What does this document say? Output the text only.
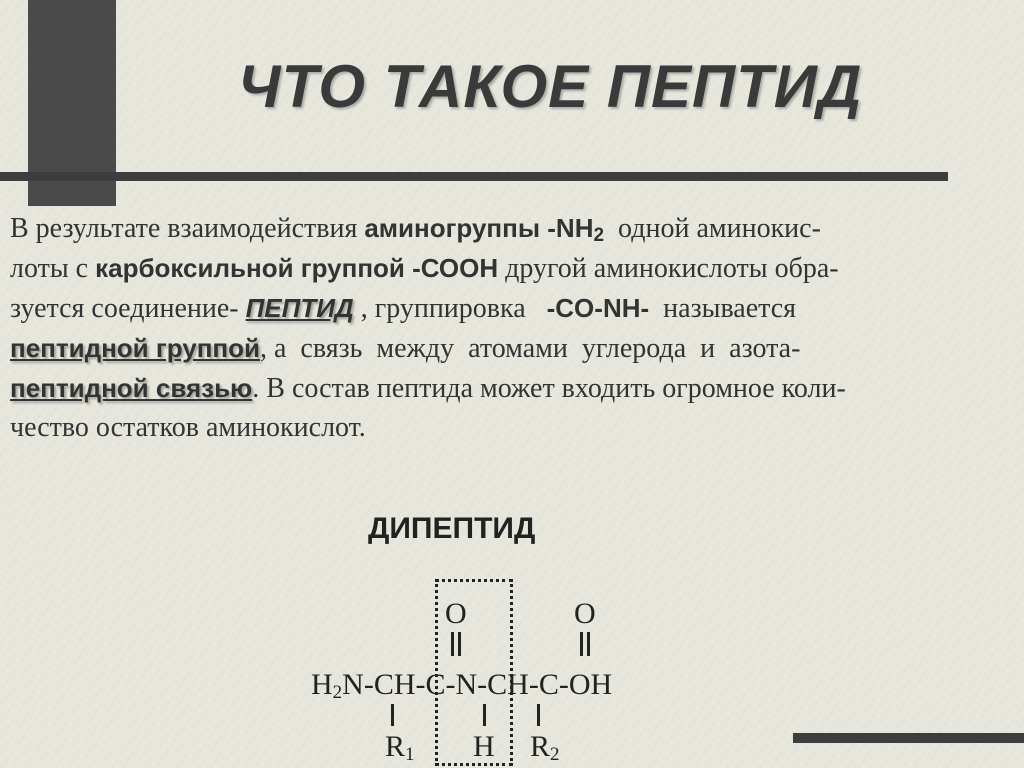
ЧТО ТАКОЕ ПЕПТИД
В результате взаимодействия аминогруппы $-NH_2$  одной аминокис-
лоты с карбоксильной группой -СООН другой аминокислоты обра-
зуется соединение- ПЕПТИД , группировка   -CO-NH-  называется
пептидной группой, а  связь  между  атомами  углерода  и  азота-
пептидной связью. В состав пептида может входить огромное коли-
чество остатков аминокислот.
ДИПЕПТИД
O	O
$H_2N-CH-C-N-CH-C-OH$
$R_1$ H $R_2$
